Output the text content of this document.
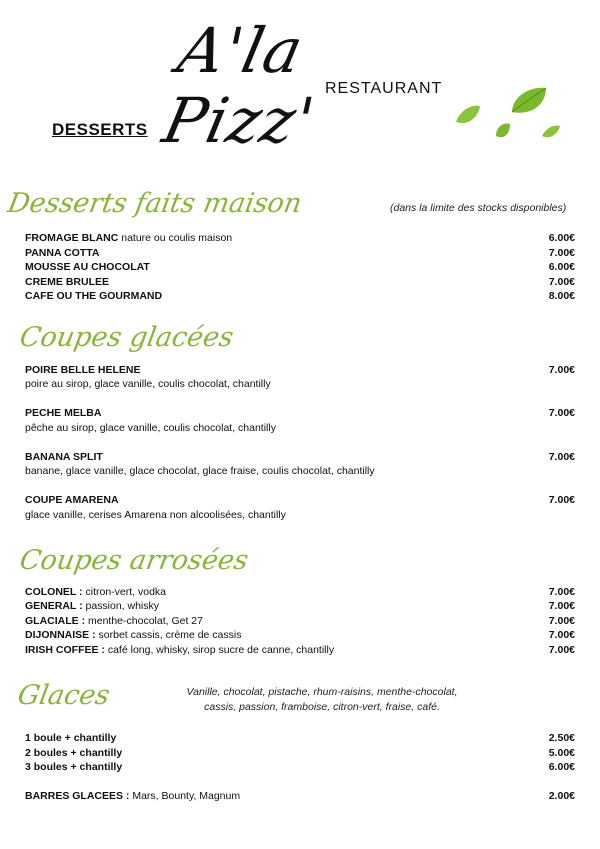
A'la Pizz' RESTAURANT
DESSERTS
Desserts faits maison	(dans la limite des stocks disponibles)
FROMAGE BLANC nature ou coulis maison	6.00€
PANNA COTTA	7.00€
MOUSSE AU CHOCOLAT	6.00€
CREME BRULEE	7.00€
CAFE OU THE GOURMAND	8.00€
Coupes glacées
POIRE BELLE HELENE	7.00€
poire au sirop, glace vanille, coulis chocolat, chantilly
PECHE MELBA	7.00€
pêche au sirop, glace vanille, coulis chocolat, chantilly
BANANA SPLIT	7.00€
banane, glace vanille, glace chocolat, glace fraise, coulis chocolat, chantilly
COUPE AMARENA	7.00€
glace vanille, cerises Amarena non alcoolisées, chantilly
Coupes arrosées
COLONEL : citron-vert, vodka	7.00€
GENERAL : passion, whisky	7.00€
GLACIALE : menthe-chocolat, Get 27	7.00€
DIJONNAISE : sorbet cassis, crème de cassis	7.00€
IRISH COFFEE : café long, whisky, sirop sucre de canne, chantilly	7.00€
Glaces	Vanille, chocolat, pistache, rhum-raisins, menthe-chocolat,
cassis, passion, framboise, citron-vert, fraise, café.
1 boule + chantilly	2.50€
2 boules + chantilly	5.00€
3 boules + chantilly	6.00€
BARRES GLACEES : Mars, Bounty, Magnum	2.00€
